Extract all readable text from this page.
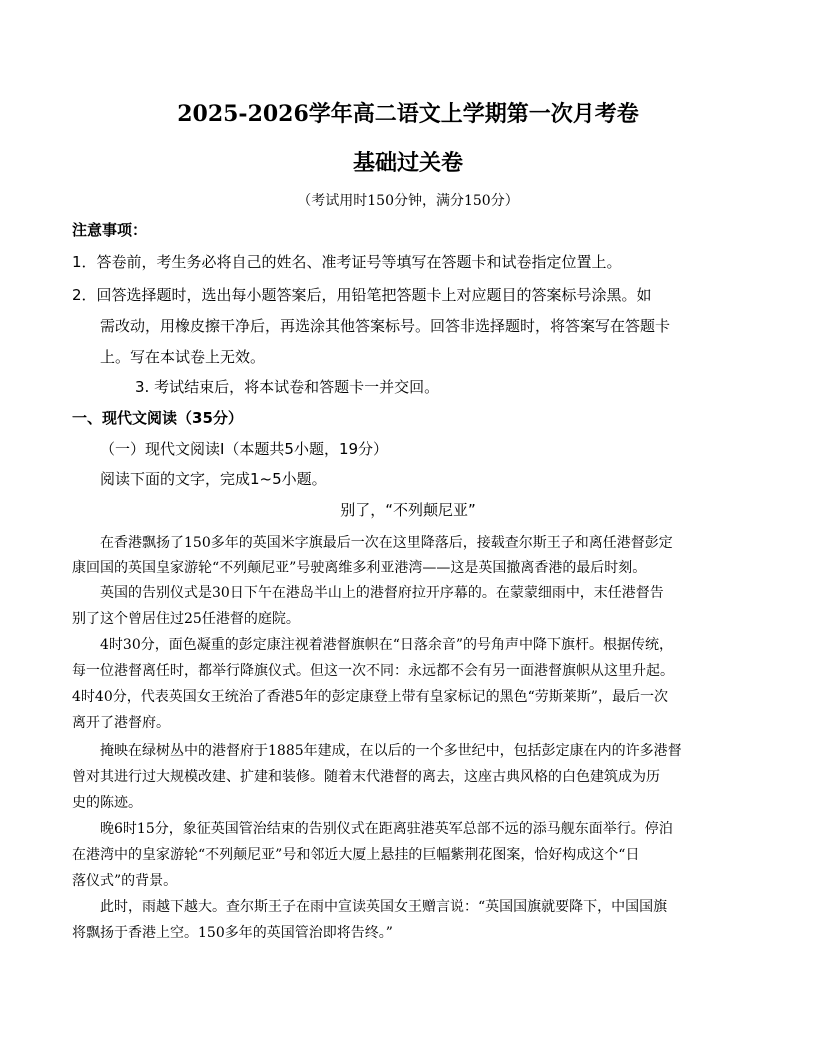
2025-2026学年高二语文上学期第一次月考卷
基础过关卷
（考试用时150分钟，满分150分）
注意事项：
1．答卷前，考生务必将自己的姓名、准考证号等填写在答题卡和试卷指定位置上。
2．回答选择题时，选出每小题答案后，用铅笔把答题卡上对应题目的答案标号涂黑。如
需改动，用橡皮擦干净后，再选涂其他答案标号。回答非选择题时，将答案写在答题卡
上。写在本试卷上无效。
3. 考试结束后，将本试卷和答题卡一并交回。
一、现代文阅读（35分）
（一）现代文阅读Ⅰ（本题共5小题，19分）
阅读下面的文字，完成1~5小题。
别了，“不列颠尼亚”
在香港飘扬了150多年的英国米字旗最后一次在这里降落后，接载查尔斯王子和离任港督彭定
康回国的英国皇家游轮“不列颠尼亚”号驶离维多利亚港湾——这是英国撤离香港的最后时刻。
英国的告别仪式是30日下午在港岛半山上的港督府拉开序幕的。在蒙蒙细雨中，末任港督告
别了这个曾居住过25任港督的庭院。
4时30分，面色凝重的彭定康注视着港督旗帜在“日落余音”的号角声中降下旗杆。根据传统，
每一位港督离任时，都举行降旗仪式。但这一次不同：永远都不会有另一面港督旗帜从这里升起。
4时40分，代表英国女王统治了香港5年的彭定康登上带有皇家标记的黑色“劳斯莱斯”，最后一次
离开了港督府。
掩映在绿树丛中的港督府于1885年建成，在以后的一个多世纪中，包括彭定康在内的许多港督
曾对其进行过大规模改建、扩建和装修。随着末代港督的离去，这座古典风格的白色建筑成为历
史的陈迹。
晚6时15分，象征英国管治结束的告别仪式在距离驻港英军总部不远的添马舰东面举行。停泊
在港湾中的皇家游轮“不列颠尼亚”号和邻近大厦上悬挂的巨幅紫荆花图案，恰好构成这个“日
落仪式”的背景。
此时，雨越下越大。查尔斯王子在雨中宣读英国女王赠言说：“英国国旗就要降下，中国国旗
将飘扬于香港上空。150多年的英国管治即将告终。”
